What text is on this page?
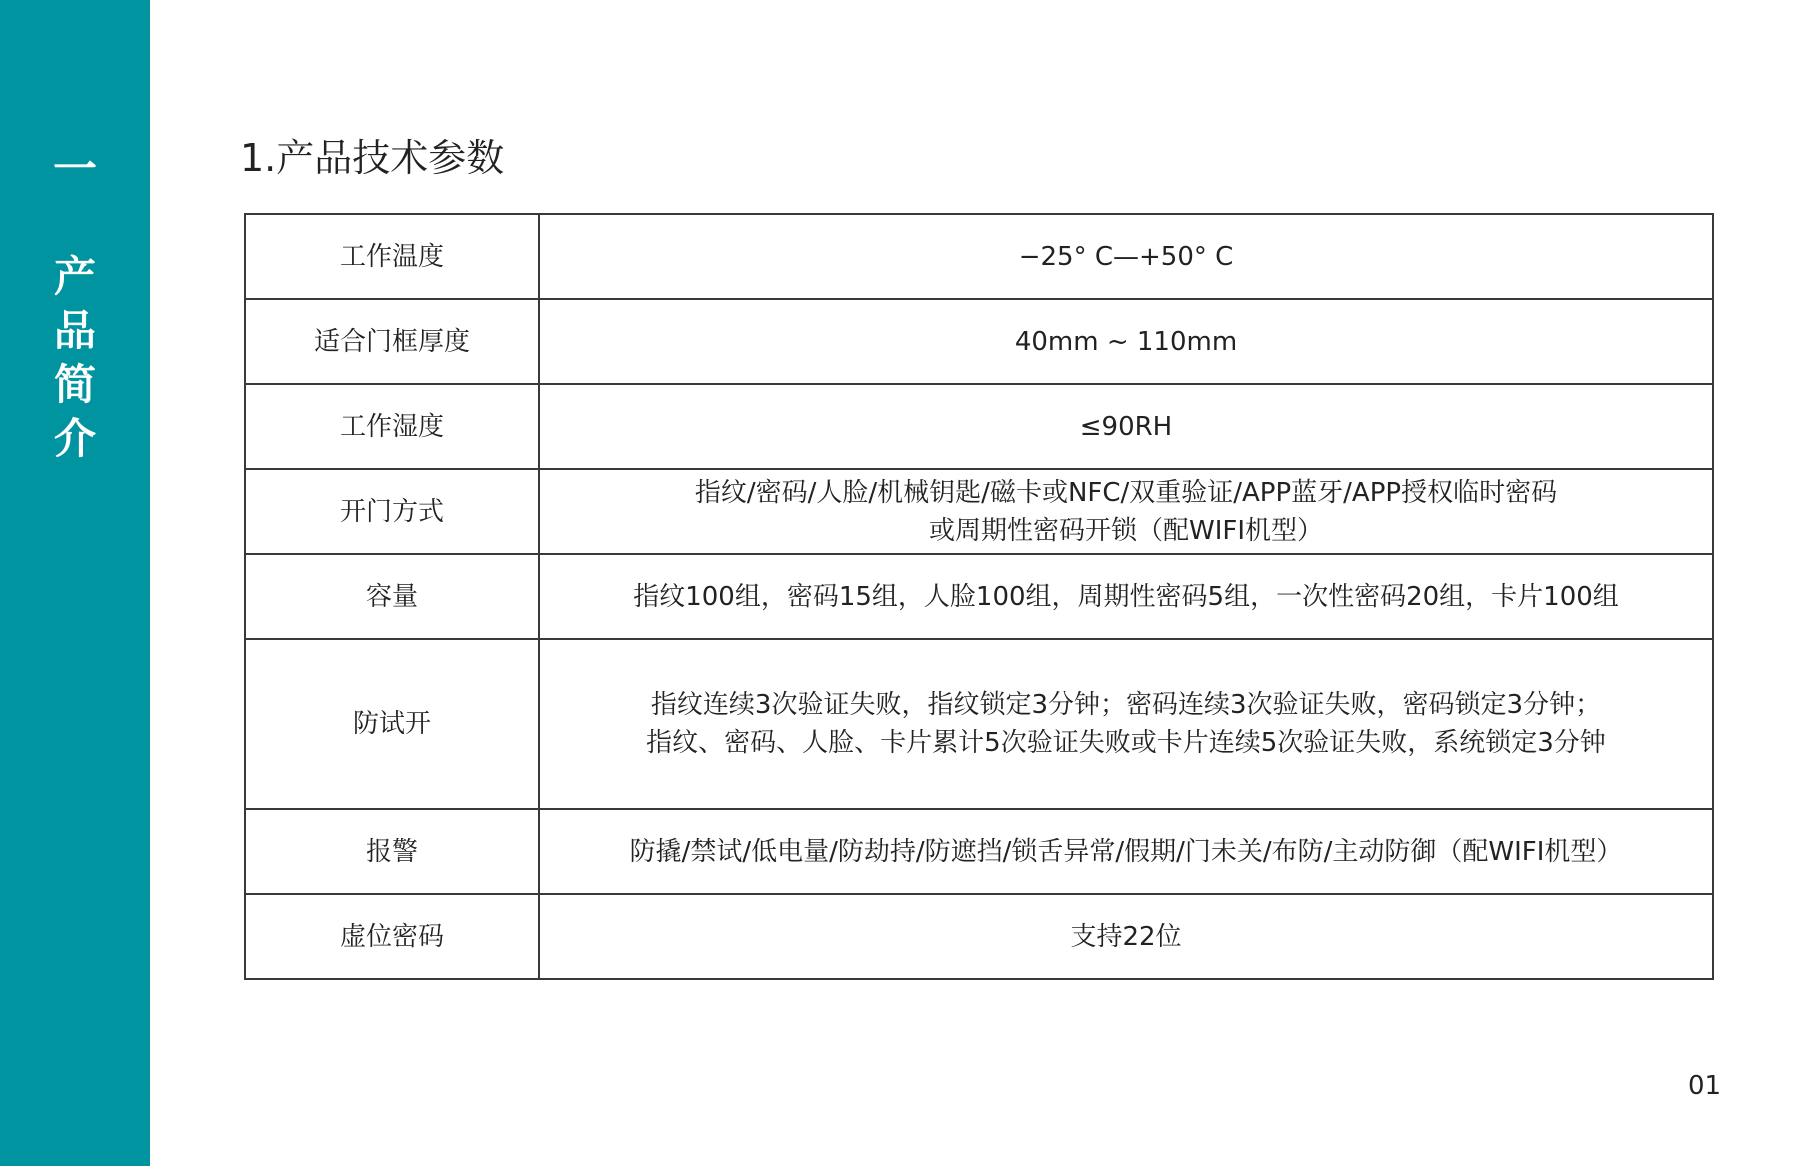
一
产
品
简
介
1.产品技术参数
工作温度	−25° C—+50° C

适合门框厚度	40mm ~ 110mm

工作湿度	≤90RH

开门方式	指纹/密码/人脸/机械钥匙/磁卡或NFC/双重验证/APP蓝牙/APP授权临时密码
或周期性密码开锁（配WIFI机型）

容量	指纹100组，密码15组，人脸100组，周期性密码5组，一次性密码20组，卡片100组

防试开	指纹连续3次验证失败，指纹锁定3分钟；密码连续3次验证失败，密码锁定3分钟；
指纹、密码、人脸、卡片累计5次验证失败或卡片连续5次验证失败，系统锁定3分钟

报警	防撬/禁试/低电量/防劫持/防遮挡/锁舌异常/假期/门未关/布防/主动防御（配WIFI机型）

虚位密码	支持22位
01
